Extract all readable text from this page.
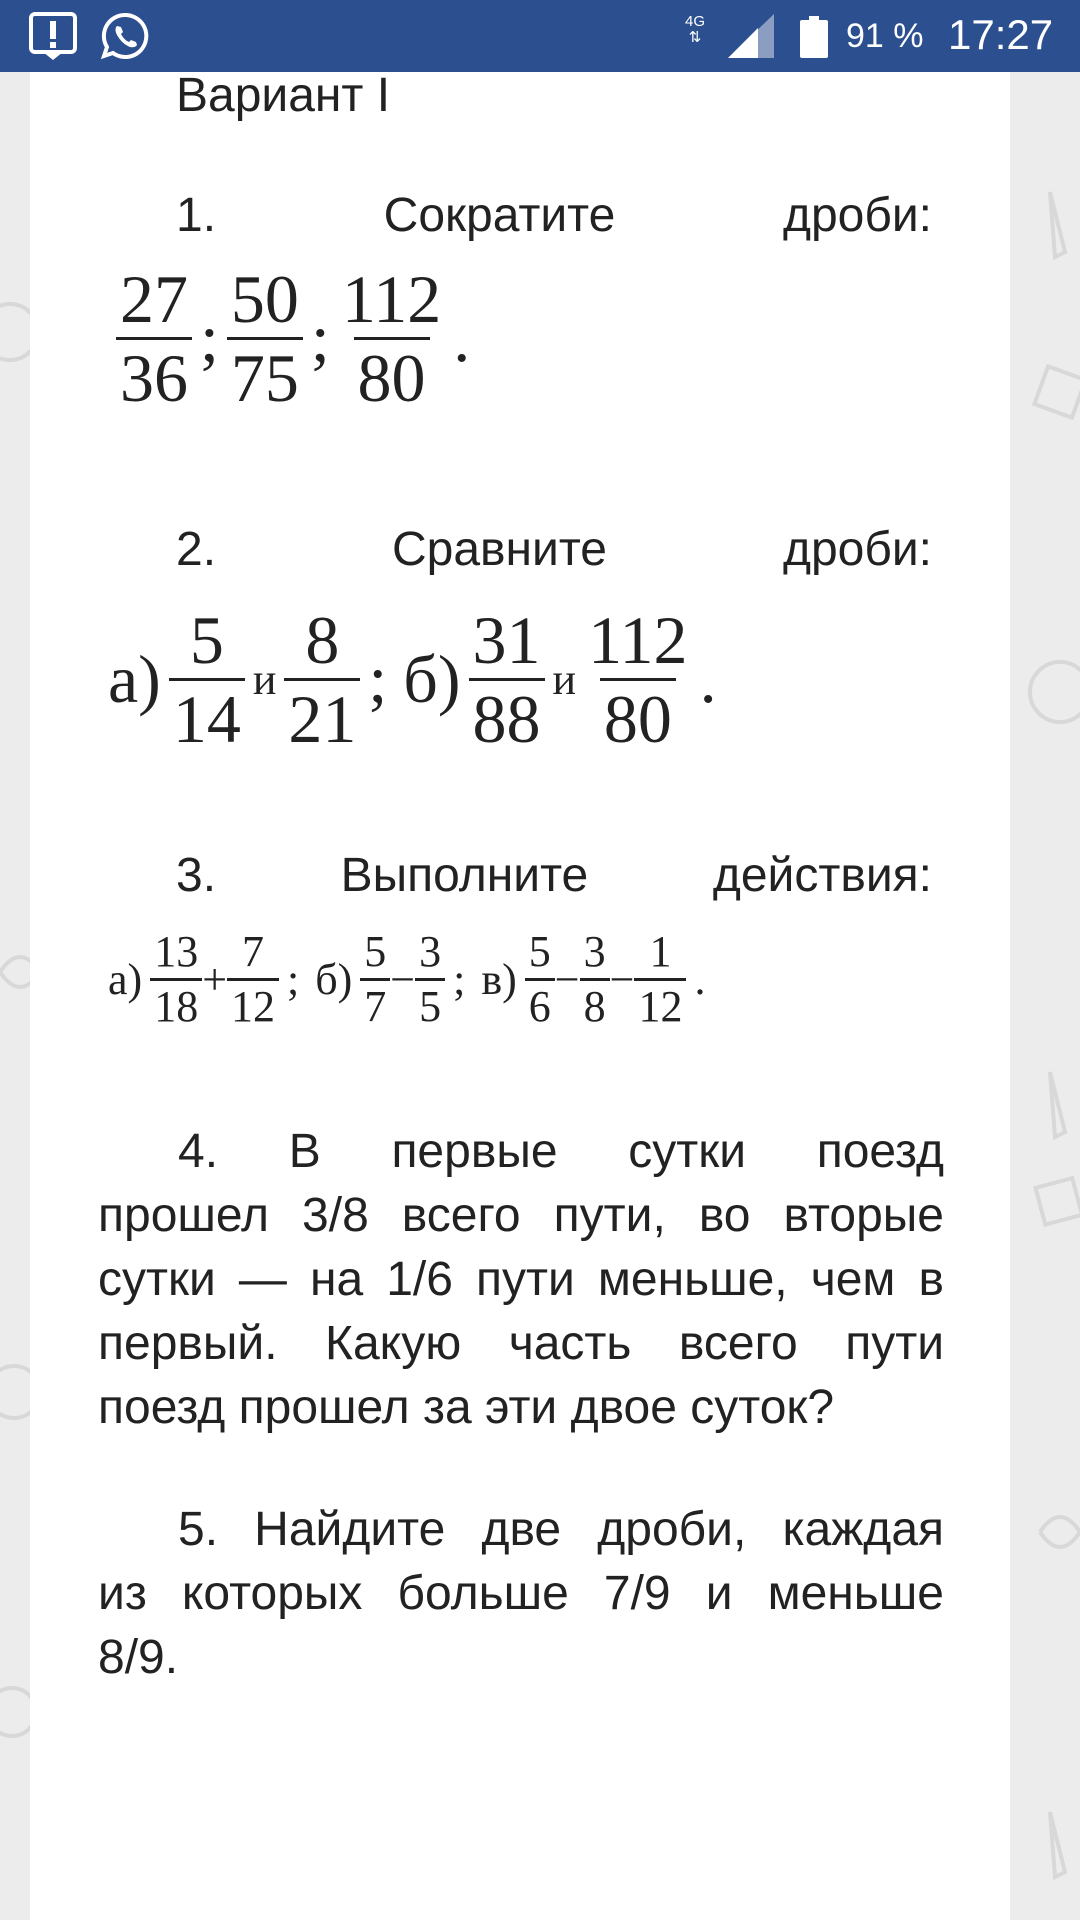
4G
⇅	91 % 17:27
Вариант I
1.	Сократите	дроби:
$\frac{27}{36}$ ; $\frac{50}{75}$ ; $\frac{112}{80}$ .
2.	Сравните	дроби:
$а) \frac{5}{14}$ и $\frac{8}{21}$ ; $б) \frac{31}{88}$ и $\frac{112}{80}$ .
3.	Выполните	действия:
$а) \frac{13}{18} + \frac{7}{12}$ ; $б) \frac{5}{7} - \frac{3}{5}$ ; $в) \frac{5}{6} - \frac{3}{8} - \frac{1}{12}$ .
4. В первые сутки поезд
прошел 3/8 всего пути, во вторые
сутки — на 1/6 пути меньше, чем в
первый. Какую часть всего пути
поезд прошел за эти двое суток?
5. Найдите две дроби, каждая
из которых больше 7/9 и меньше
8/9.
